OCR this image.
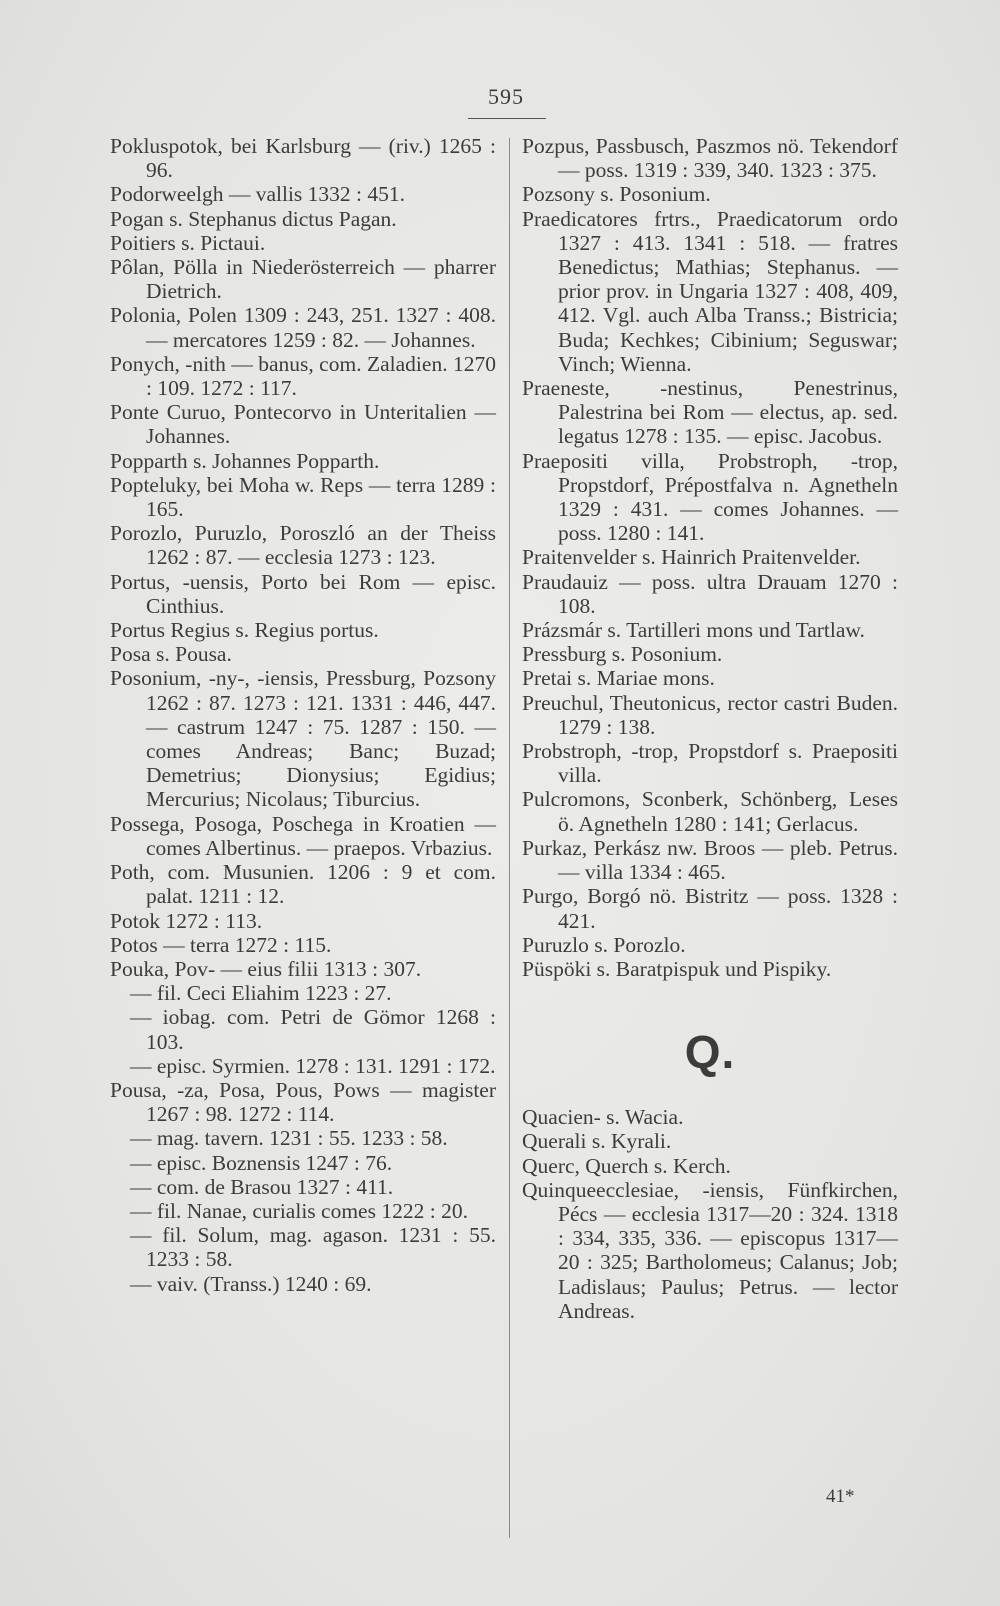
595

Pokluspotok, bei Karlsburg — (riv.) 1265 : 96.

Podorweelgh — vallis 1332 : 451.

Pogan s. Stephanus dictus Pagan.

Poitiers s. Pictaui.

Pôlan, Pölla in Niederösterreich — pharrer Dietrich.

Polonia, Polen 1309 : 243, 251. 1327 : 408. — mercatores 1259 : 82. — Johannes.

Ponych, -nith — banus, com. Zaladien. 1270 : 109. 1272 : 117.

Ponte Curuo, Pontecorvo in Unteritalien — Johannes.

Popparth s. Johannes Popparth.

Popteluky, bei Moha w. Reps — terra 1289 : 165.

Porozlo, Puruzlo, Poroszló an der Theiss 1262 : 87. — ecclesia 1273 : 123.

Portus, -uensis, Porto bei Rom — episc. Cinthius.

Portus Regius s. Regius portus.

Posa s. Pousa.

Posonium, -ny-, -iensis, Pressburg, Pozsony 1262 : 87. 1273 : 121. 1331 : 446, 447. — castrum 1247 : 75. 1287 : 150. — comes Andreas; Banc; Buzad; Demetrius; Dionysius; Egidius; Mercurius; Nicolaus; Tiburcius.

Possega, Posoga, Poschega in Kroatien — comes Albertinus. — praepos. Vrbazius.

Poth, com. Musunien. 1206 : 9 et com. palat. 1211 : 12.

Potok 1272 : 113.

Potos — terra 1272 : 115.

Pouka, Pov- — eius filii 1313 : 307.

— fil. Ceci Eliahim 1223 : 27.

— iobag. com. Petri de Gömor 1268 : 103.

— episc. Syrmien. 1278 : 131. 1291 : 172.

Pousa, -za, Posa, Pous, Pows — magister 1267 : 98. 1272 : 114.

— mag. tavern. 1231 : 55. 1233 : 58.

— episc. Boznensis 1247 : 76.

— com. de Brasou 1327 : 411.

— fil. Nanae, curialis comes 1222 : 20.

— fil. Solum, mag. agason. 1231 : 55. 1233 : 58.

— vaiv. (Transs.) 1240 : 69.

Pozpus, Passbusch, Paszmos nö. Tekendorf — poss. 1319 : 339, 340. 1323 : 375.

Pozsony s. Posonium.

Praedicatores frtrs., Praedicatorum ordo 1327 : 413. 1341 : 518. — fratres Benedictus; Mathias; Stephanus. — prior prov. in Ungaria 1327 : 408, 409, 412. Vgl. auch Alba Transs.; Bistricia; Buda; Kechkes; Cibinium; Seguswar; Vinch; Wienna.

Praeneste, -nestinus, Penestrinus, Palestrina bei Rom — electus, ap. sed. legatus 1278 : 135. — episc. Jacobus.

Praepositi villa, Probstroph, -trop, Propstdorf, Prépostfalva n. Agnetheln 1329 : 431. — comes Johannes. — poss. 1280 : 141.

Praitenvelder s. Hainrich Praitenvelder.

Praudauiz — poss. ultra Drauam 1270 : 108.

Prázsmár s. Tartilleri mons und Tartlaw.

Pressburg s. Posonium.

Pretai s. Mariae mons.

Preuchul, Theutonicus, rector castri Buden. 1279 : 138.

Probstroph, -trop, Propstdorf s. Praepositi villa.

Pulcromons, Sconberk, Schönberg, Leses ö. Agnetheln 1280 : 141; Gerlacus.

Purkaz, Perkász nw. Broos — pleb. Petrus. — villa 1334 : 465.

Purgo, Borgó nö. Bistritz — poss. 1328 : 421.

Puruzlo s. Porozlo.

Püspöki s. Baratpispuk und Pispiky.

Q.

Quacien- s. Wacia.

Querali s. Kyrali.

Querc, Querch s. Kerch.

Quinqueecclesiae, -iensis, Fünfkirchen, Pécs — ecclesia 1317—20 : 324. 1318 : 334, 335, 336. — episcopus 1317—20 : 325; Bartholomeus; Calanus; Job; Ladislaus; Paulus; Petrus. — lector Andreas.

41*
